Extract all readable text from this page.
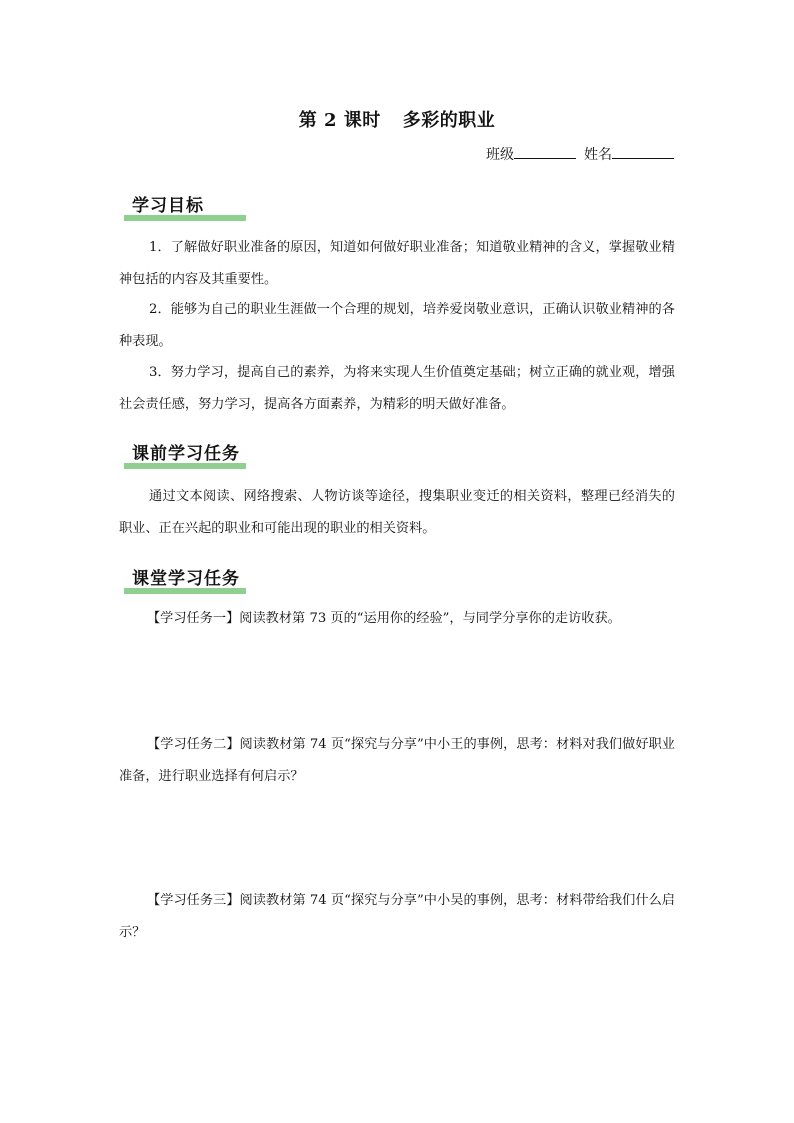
第 2 课时 多彩的职业
班级	姓名
学习目标
1．了解做好职业准备的原因，知道如何做好职业准备；知道敬业精神的含义，掌握敬业精神包括的内容及其重要性。
2．能够为自己的职业生涯做一个合理的规划，培养爱岗敬业意识，正确认识敬业精神的各种表现。
3．努力学习，提高自己的素养，为将来实现人生价值奠定基础；树立正确的就业观，增强社会责任感，努力学习，提高各方面素养，为精彩的明天做好准备。
课前学习任务
通过文本阅读、网络搜索、人物访谈等途径，搜集职业变迁的相关资料，整理已经消失的职业、正在兴起的职业和可能出现的职业的相关资料。
课堂学习任务
【学习任务一】阅读教材第 73 页的“运用你的经验”，与同学分享你的走访收获。
【学习任务二】阅读教材第 74 页“探究与分享”中小王的事例，思考：材料对我们做好职业准备，进行职业选择有何启示？
【学习任务三】阅读教材第 74 页“探究与分享”中小吴的事例，思考：材料带给我们什么启示？
